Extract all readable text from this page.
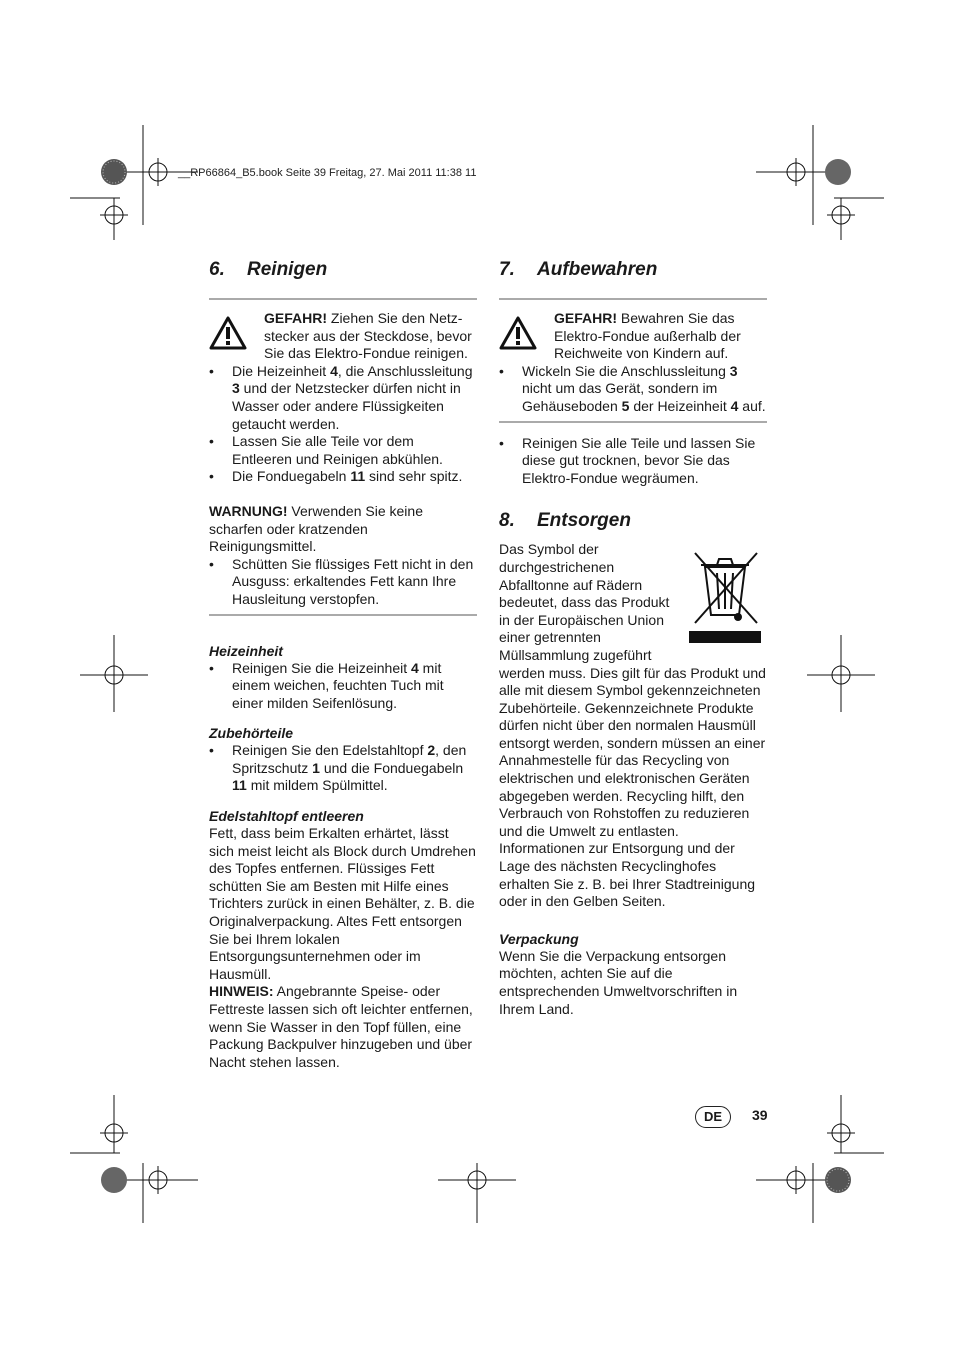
__RP66864_B5.book Seite 39 Freitag, 27. Mai 2011 11:38 11
6. Reinigen

GEFAHR! Ziehen Sie den Netz-stecker aus der Steckdose, bevor Sie das Elektro-Fondue reinigen.

• Die Heizeinheit 4, die Anschlussleitung 3 und der Netzstecker dürfen nicht in Wasser oder andere Flüssigkeiten getaucht werden.
• Lassen Sie alle Teile vor dem Entleeren und Reinigen abkühlen.
• Die Fonduegabeln 11 sind sehr spitz.

WARNUNG! Verwenden Sie keine scharfen oder kratzenden Reinigungsmittel.

• Schütten Sie flüssiges Fett nicht in den Ausguss: erkaltendes Fett kann Ihre Hausleitung verstopfen.
Heizeinheit
• Reinigen Sie die Heizeinheit 4 mit einem weichen, feuchten Tuch mit einer milden Seifenlösung.
Zubehörteile
• Reinigen Sie den Edelstahltopf 2, den Spritzschutz 1 und die Fonduegabeln 11 mit mildem Spülmittel.
Edelstahltopf entleeren

Fett, dass beim Erkalten erhärtet, lässt sich meist leicht als Block durch Umdrehen des Topfes entfernen. Flüssiges Fett schütten Sie am Besten mit Hilfe eines Trichters zurück in einen Behälter, z. B. die Originalverpackung. Altes Fett entsorgen Sie bei Ihrem lokalen Entsorgungsunternehmen oder im Hausmüll.

HINWEIS: Angebrannte Speise- oder Fettreste lassen sich oft leichter entfernen, wenn Sie Wasser in den Topf füllen, eine Packung Backpulver hinzugeben und über Nacht stehen lassen.

7. Aufbewahren

GEFAHR! Bewahren Sie das Elektro-Fondue außerhalb der Reichweite von Kindern auf.

• Wickeln Sie die Anschlussleitung 3 nicht um das Gerät, sondern im Gehäuseboden 5 der Heizeinheit 4 auf.
• Reinigen Sie alle Teile und lassen Sie diese gut trocknen, bevor Sie das Elektro-Fondue wegräumen.
8. Entsorgen

Das Symbol der durchgestrichenen Abfalltonne auf Rädern bedeutet, dass das Produkt in der Europäischen Union einer getrennten Müllsammlung zugeführt werden muss. Dies gilt für das Produkt und alle mit diesem Symbol gekennzeichneten Zubehörteile. Gekennzeichnete Produkte dürfen nicht über den normalen Hausmüll entsorgt werden, sondern müssen an einer Annahmestelle für das Recycling von elektrischen und elektronischen Geräten abgegeben werden. Recycling hilft, den Verbrauch von Rohstoffen zu reduzieren und die Umwelt zu entlasten. Informationen zur Entsorgung und der Lage des nächsten Recyclinghofes erhalten Sie z. B. bei Ihrer Stadtreinigung oder in den Gelben Seiten.

Verpackung

Wenn Sie die Verpackung entsorgen möchten, achten Sie auf die entsprechenden Umweltvorschriften in Ihrem Land.

DE	39
